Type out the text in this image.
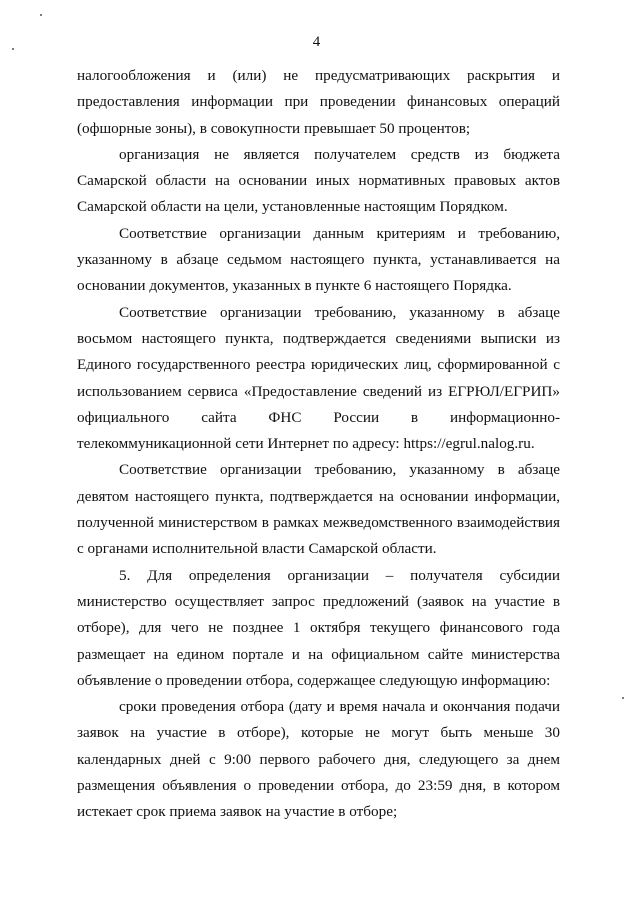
4

налогообложения и (или) не предусматривающих раскрытия и предоставления информации при проведении финансовых операций (офшорные зоны), в совокупности превышает 50 процентов;

организация не является получателем средств из бюджета Самарской области на основании иных нормативных правовых актов Самарской области на цели, установленные настоящим Порядком.

Соответствие организации данным критериям и требованию, указанному в абзаце седьмом настоящего пункта, устанавливается на основании документов, указанных в пункте 6 настоящего Порядка.

Соответствие организации требованию, указанному в абзаце восьмом настоящего пункта, подтверждается сведениями выписки из Единого государственного реестра юридических лиц, сформированной с использованием сервиса «Предоставление сведений из ЕГРЮЛ/ЕГРИП» официального сайта ФНС России в информационно-телекоммуникационной сети Интернет по адресу: https://egrul.nalog.ru.

Соответствие организации требованию, указанному в абзаце девятом настоящего пункта, подтверждается на основании информации, полученной министерством в рамках межведомственного взаимодействия с органами исполнительной власти Самарской области.

5. Для определения организации – получателя субсидии министерство осуществляет запрос предложений (заявок на участие в отборе), для чего не позднее 1 октября текущего финансового года размещает на едином портале и на официальном сайте министерства объявление о проведении отбора, содержащее следующую информацию:

сроки проведения отбора (дату и время начала и окончания подачи заявок на участие в отборе), которые не могут быть меньше 30 календарных дней с 9:00 первого рабочего дня, следующего за днем размещения объявления о проведении отбора, до 23:59 дня, в котором истекает срок приема заявок на участие в отборе;
